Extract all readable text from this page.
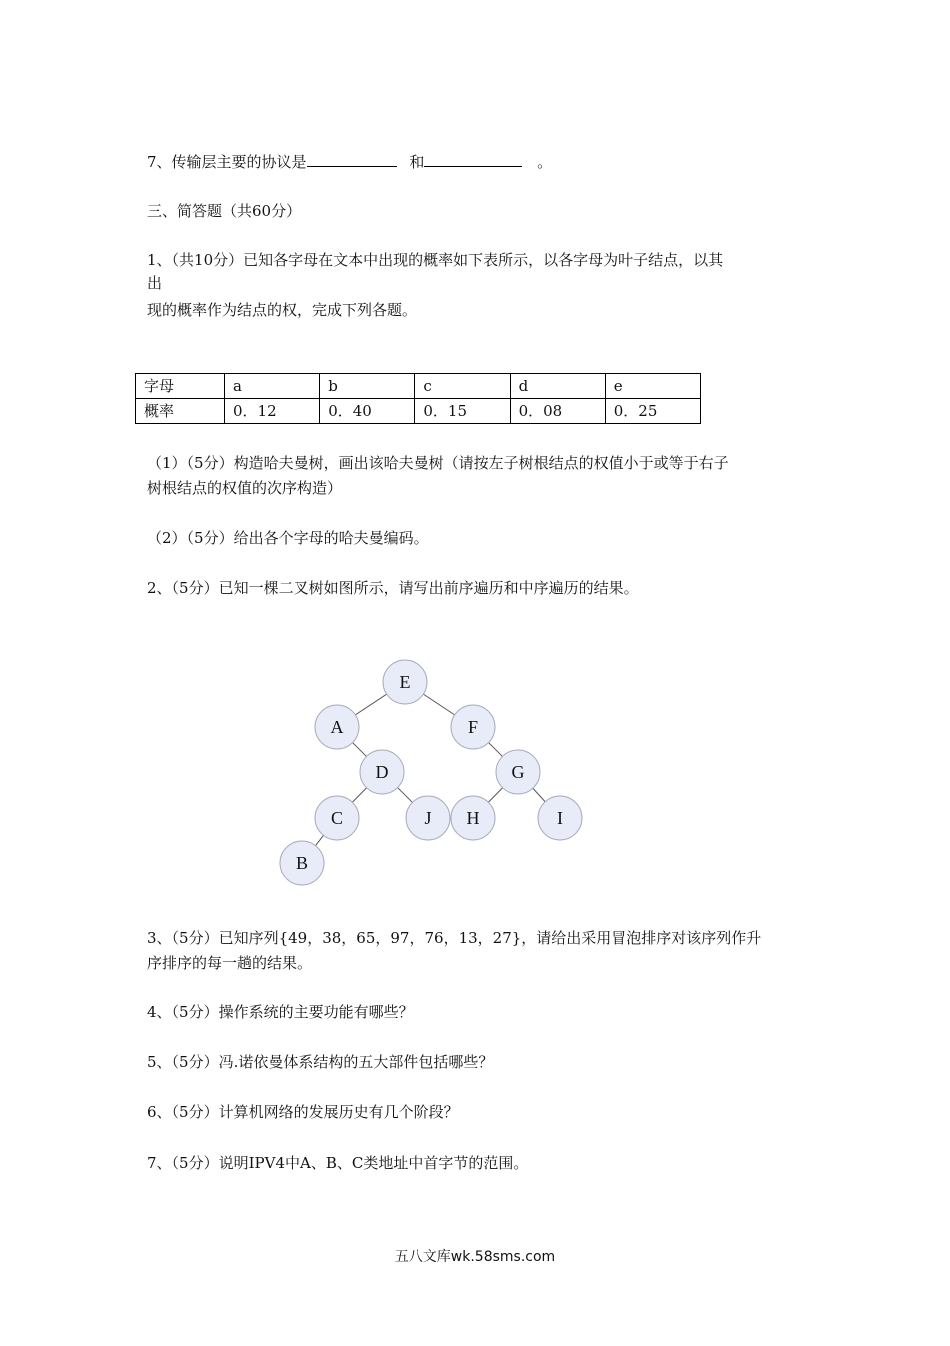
7、传输层主要的协议是	和	。
三、简答题（共60分）
1、（共10分）已知各字母在文本中出现的概率如下表所示，以各字母为叶子结点，以其
出
现的概率作为结点的权，完成下列各题。
字母	a	b	c	d	e
概率	0．12	0．40	0．15	0．08	0．25
（1）（5分）构造哈夫曼树，画出该哈夫曼树（请按左子树根结点的权值小于或等于右子
树根结点的权值的次序构造）
（2）（5分）给出各个字母的哈夫曼编码。
2、（5分）已知一棵二叉树如图所示，请写出前序遍历和中序遍历的结果。
E
A	F
D	G
C	J H	I
B
3、（5分）已知序列{49，38，65，97，76，13，27}，请给出采用冒泡排序对该序列作升
序排序的每一趟的结果。
4、（5分）操作系统的主要功能有哪些？
5、（5分）冯.诺依曼体系结构的五大部件包括哪些？
6、（5分）计算机网络的发展历史有几个阶段？
7、（5分）说明IPV4中A、B、C类地址中首字节的范围。
五八文库wk.58sms.com
